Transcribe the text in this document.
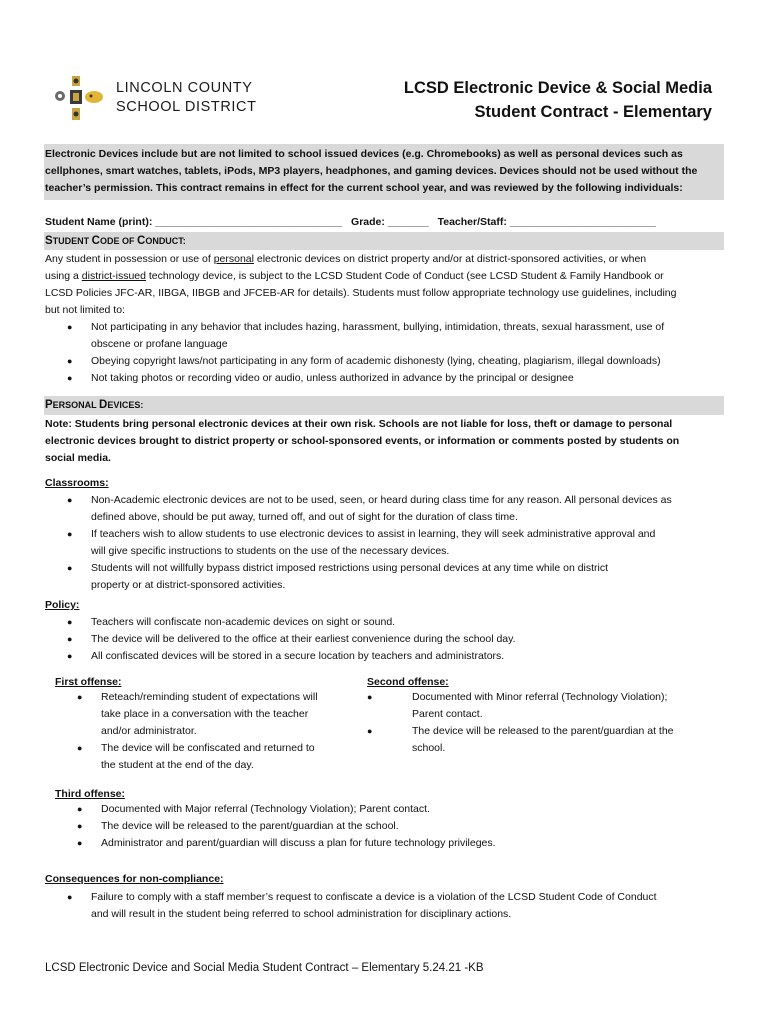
LINCOLN COUNTY
SCHOOL DISTRICT
LCSD Electronic Device & Social Media
Student Contract - Elementary
Electronic Devices include but are not limited to school issued devices (e.g. Chromebooks) as well as personal devices such as
cellphones, smart watches, tablets, iPods, MP3 players, headphones, and gaming devices. Devices should not be used without the
teacher’s permission. This contract remains in effect for the current school year, and was reviewed by the following individuals:
Student Name (print): ________________________________ Grade: _______ Teacher/Staff: _________________________
STUDENT CODE OF CONDUCT:
Any student in possession or use of personal electronic devices on district property and/or at district-sponsored activities, or when
using a district-issued technology device, is subject to the LCSD Student Code of Conduct (see LCSD Student & Family Handbook or
LCSD Policies JFC-AR, IIBGA, IIBGB and JFCEB-AR for details). Students must follow appropriate technology use guidelines, including
but not limited to:
● Not participating in any behavior that includes hazing, harassment, bullying, intimidation, threats, sexual harassment, use of
obscene or profane language
● Obeying copyright laws/not participating in any form of academic dishonesty (lying, cheating, plagiarism, illegal downloads)
● Not taking photos or recording video or audio, unless authorized in advance by the principal or designee
PERSONAL DEVICES:
Note: Students bring personal electronic devices at their own risk. Schools are not liable for loss, theft or damage to personal
electronic devices brought to district property or school-sponsored events, or information or comments posted by students on
social media.
Classrooms:
● Non-Academic electronic devices are not to be used, seen, or heard during class time for any reason. All personal devices as
defined above, should be put away, turned off, and out of sight for the duration of class time.
● If teachers wish to allow students to use electronic devices to assist in learning, they will seek administrative approval and
will give specific instructions to students on the use of the necessary devices.
● Students will not willfully bypass district imposed restrictions using personal devices at any time while on district
property or at district-sponsored activities.
Policy:
● Teachers will confiscate non-academic devices on sight or sound.
● The device will be delivered to the office at their earliest convenience during the school day.
● All confiscated devices will be stored in a secure location by teachers and administrators.
First offense:
● Reteach/reminding student of expectations will
take place in a conversation with the teacher
and/or administrator.
● The device will be confiscated and returned to
the student at the end of the day.
Second offense:
● Documented with Minor referral (Technology Violation);
Parent contact.
● The device will be released to the parent/guardian at the
school.
Third offense:
● Documented with Major referral (Technology Violation); Parent contact.
● The device will be released to the parent/guardian at the school.
● Administrator and parent/guardian will discuss a plan for future technology privileges.
Consequences for non-compliance:
● Failure to comply with a staff member’s request to confiscate a device is a violation of the LCSD Student Code of Conduct
and will result in the student being referred to school administration for disciplinary actions.
LCSD Electronic Device and Social Media Student Contract – Elementary 5.24.21 -KB
